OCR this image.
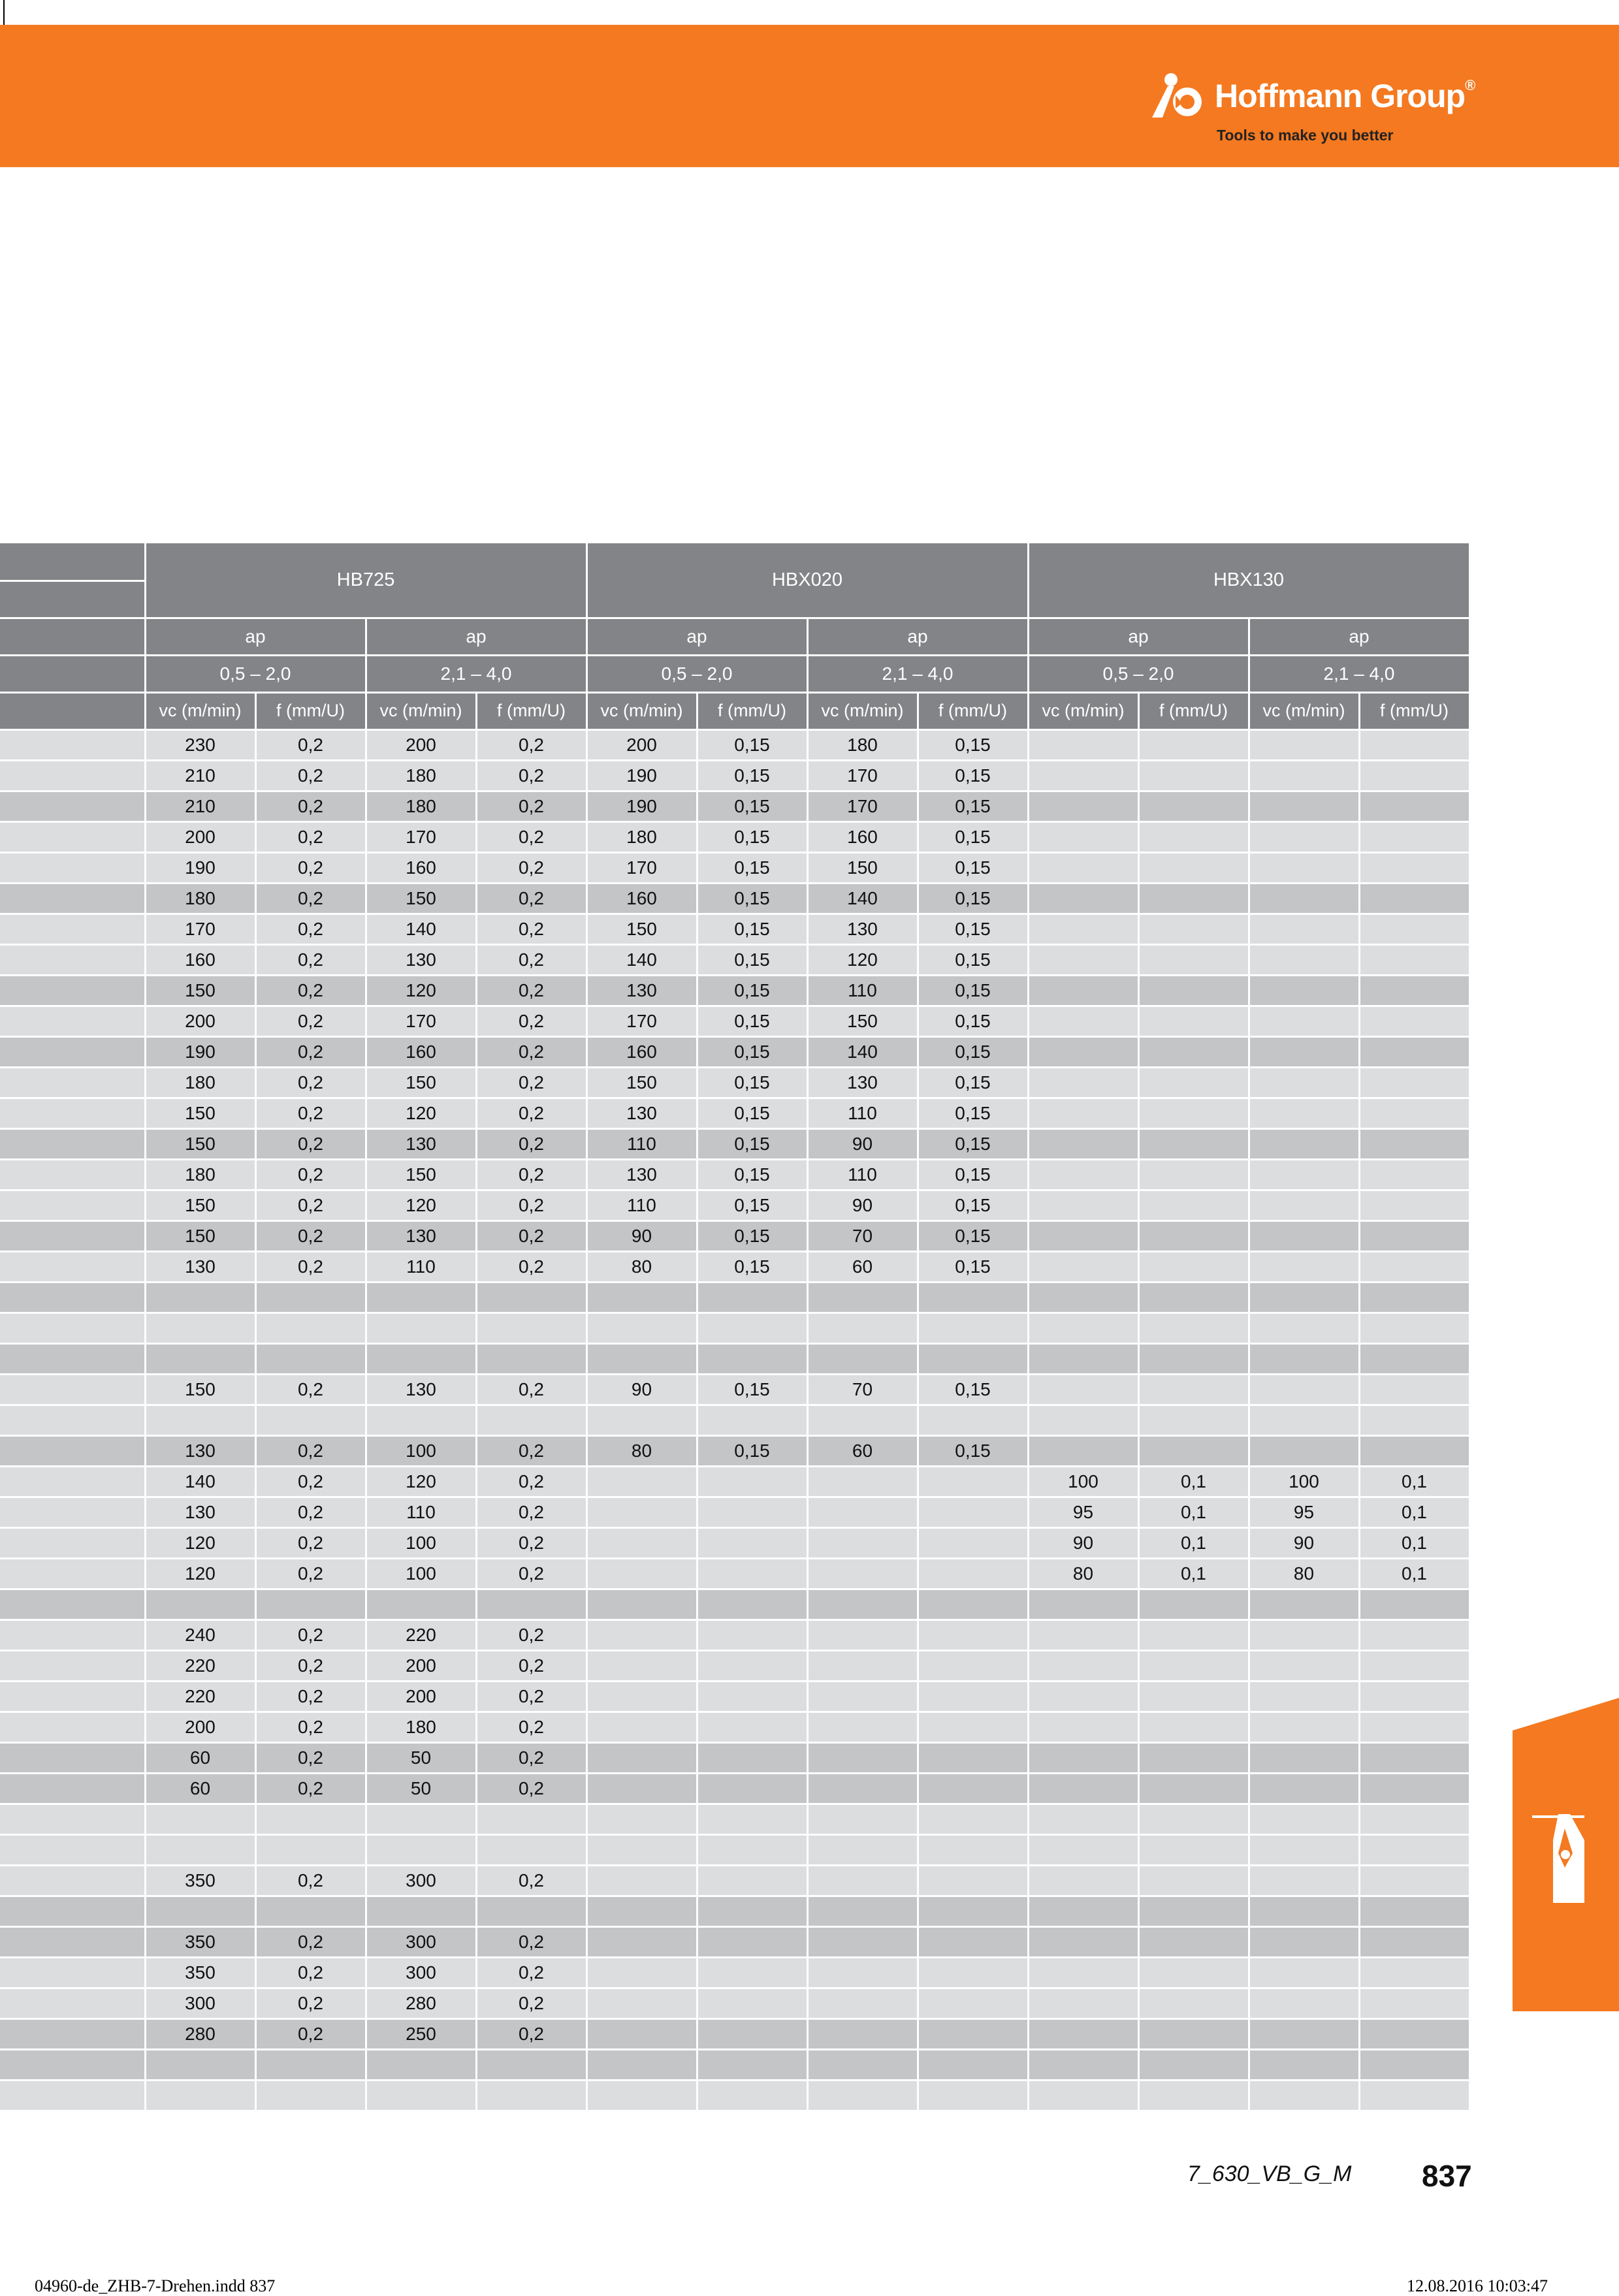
Hoffmann Group®
Tools to make you better
	HB725				HBX020				HBX130			

	ap		ap		ap		ap		ap		ap	
	0,5 – 2,0		2,1 – 4,0		0,5 – 2,0		2,1 – 4,0		0,5 – 2,0		2,1 – 4,0	
	vc (m/min)	f (mm/U)	vc (m/min)	f (mm/U)	vc (m/min)	f (mm/U)	vc (m/min)	f (mm/U)	vc (m/min)	f (mm/U)	vc (m/min)	f (mm/U)
	230	0,2	200	0,2	200	0,15	180	0,15				
	210	0,2	180	0,2	190	0,15	170	0,15				
	210	0,2	180	0,2	190	0,15	170	0,15				
	200	0,2	170	0,2	180	0,15	160	0,15				
	190	0,2	160	0,2	170	0,15	150	0,15				
	180	0,2	150	0,2	160	0,15	140	0,15				
	170	0,2	140	0,2	150	0,15	130	0,15				
	160	0,2	130	0,2	140	0,15	120	0,15				
	150	0,2	120	0,2	130	0,15	110	0,15				
	200	0,2	170	0,2	170	0,15	150	0,15				
	190	0,2	160	0,2	160	0,15	140	0,15				
	180	0,2	150	0,2	150	0,15	130	0,15				
	150	0,2	120	0,2	130	0,15	110	0,15				
	150	0,2	130	0,2	110	0,15	90	0,15				
	180	0,2	150	0,2	130	0,15	110	0,15				
	150	0,2	120	0,2	110	0,15	90	0,15				
	150	0,2	130	0,2	90	0,15	70	0,15				
	130	0,2	110	0,2	80	0,15	60	0,15				

	150	0,2	130	0,2	90	0,15	70	0,15				

	130	0,2	100	0,2	80	0,15	60	0,15				
	140	0,2	120	0,2					100	0,1	100	0,1
	130	0,2	110	0,2					95	0,1	95	0,1
	120	0,2	100	0,2					90	0,1	90	0,1
	120	0,2	100	0,2					80	0,1	80	0,1

	240	0,2	220	0,2								
	220	0,2	200	0,2								
	220	0,2	200	0,2								
	200	0,2	180	0,2								
	60	0,2	50	0,2								
	60	0,2	50	0,2								

	350	0,2	300	0,2								

	350	0,2	300	0,2								
	350	0,2	300	0,2								
	300	0,2	280	0,2								
	280	0,2	250	0,2								

7_630_VB_G_M 837
04960-de_ZHB-7-Drehen.indd 837	12.08.2016 10:03:47
